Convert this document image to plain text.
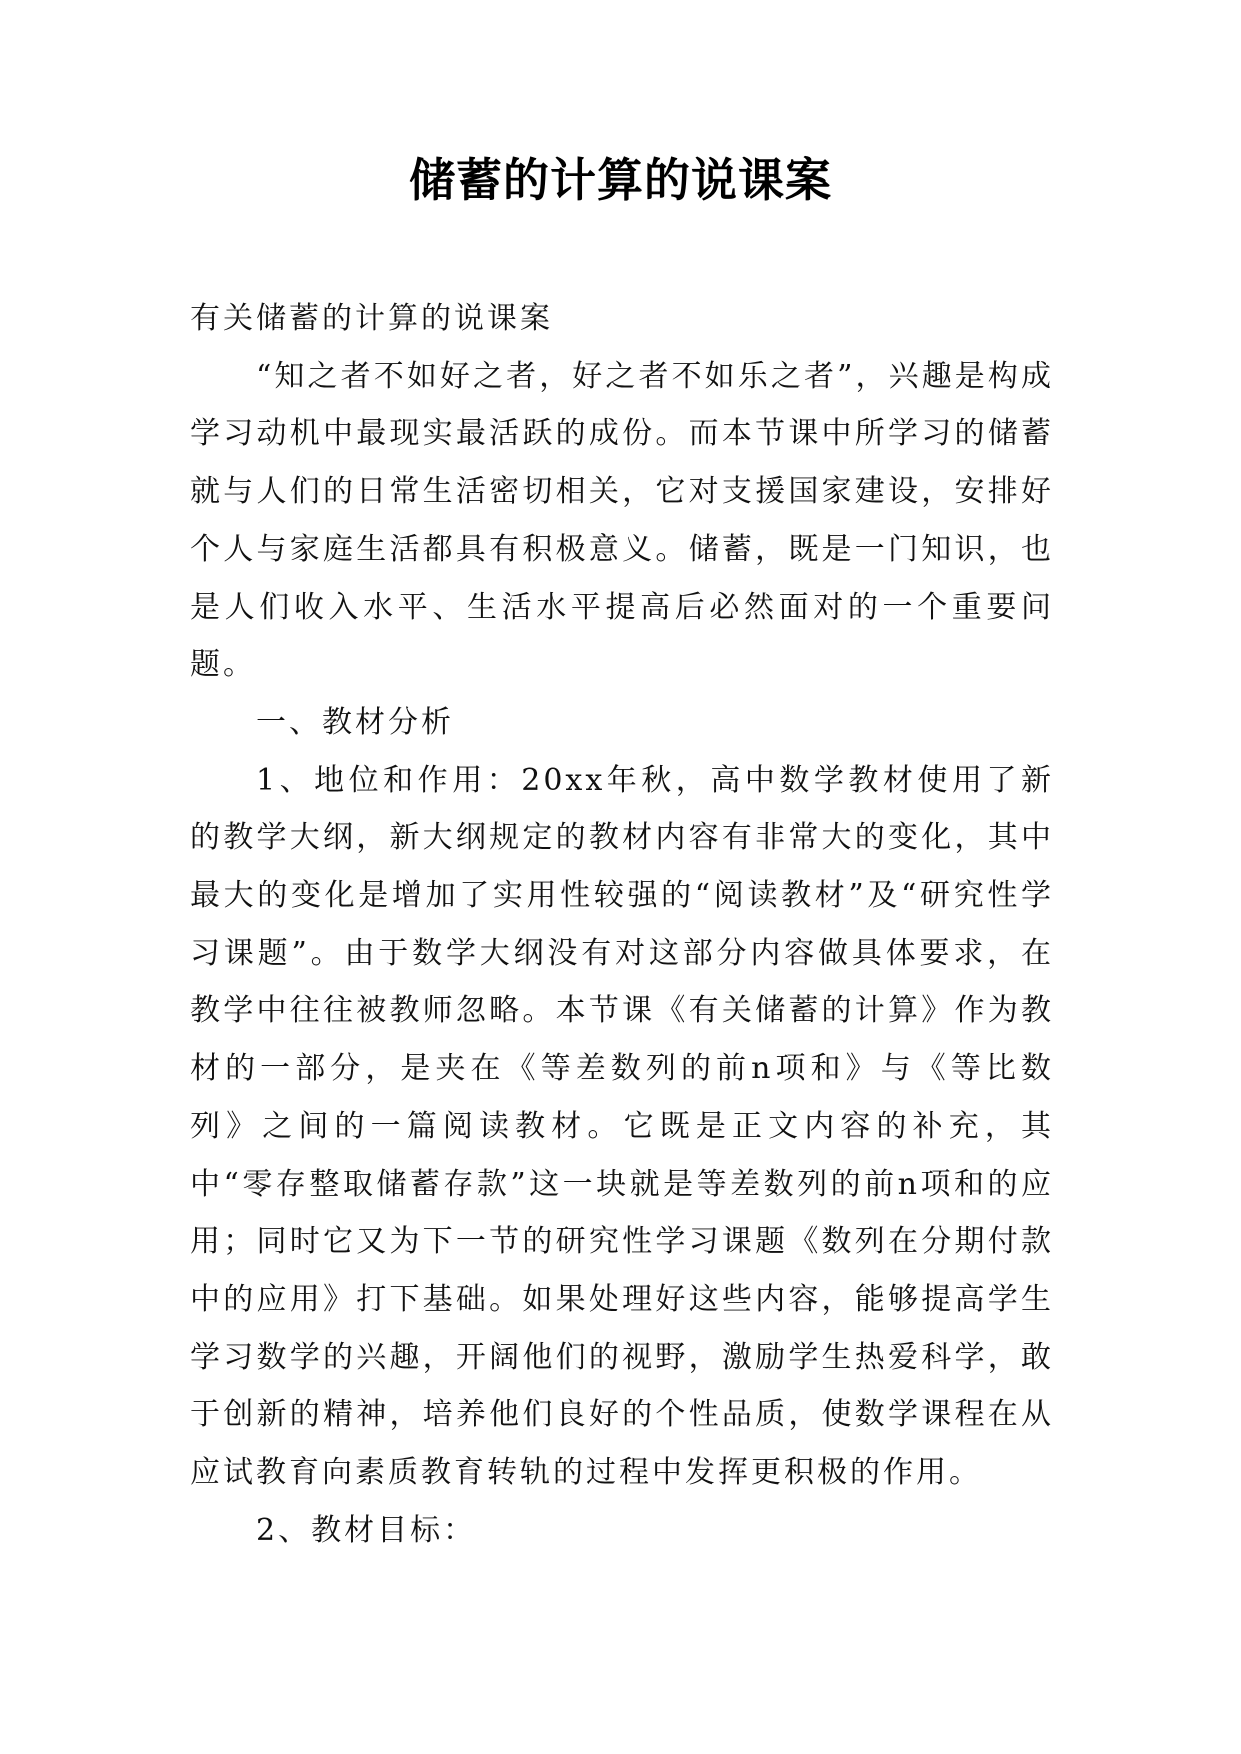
储蓄的计算的说课案

有关储蓄的计算的说课案

“知之者不如好之者，好之者不如乐之者”，兴趣是构成学习动机中最现实最活跃的成份。而本节课中所学习的储蓄就与人们的日常生活密切相关，它对支援国家建设，安排好个人与家庭生活都具有积极意义。储蓄，既是一门知识，也是人们收入水平、生活水平提高后必然面对的一个重要问题。

一、教材分析

1、地位和作用：20xx年秋，高中数学教材使用了新的教学大纲，新大纲规定的教材内容有非常大的变化，其中最大的变化是增加了实用性较强的“阅读教材”及“研究性学习课题”。由于数学大纲没有对这部分内容做具体要求，在教学中往往被教师忽略。本节课《有关储蓄的计算》作为教材的一部分，是夹在《等差数列的前n项和》与《等比数列》之间的一篇阅读教材。它既是正文内容的补充，其中“零存整取储蓄存款”这一块就是等差数列的前n项和的应用；同时它又为下一节的研究性学习课题《数列在分期付款中的应用》打下基础。如果处理好这些内容，能够提高学生学习数学的兴趣，开阔他们的视野，激励学生热爱科学，敢于创新的精神，培养他们良好的个性品质，使数学课程在从应试教育向素质教育转轨的过程中发挥更积极的作用。

2、教材目标：
